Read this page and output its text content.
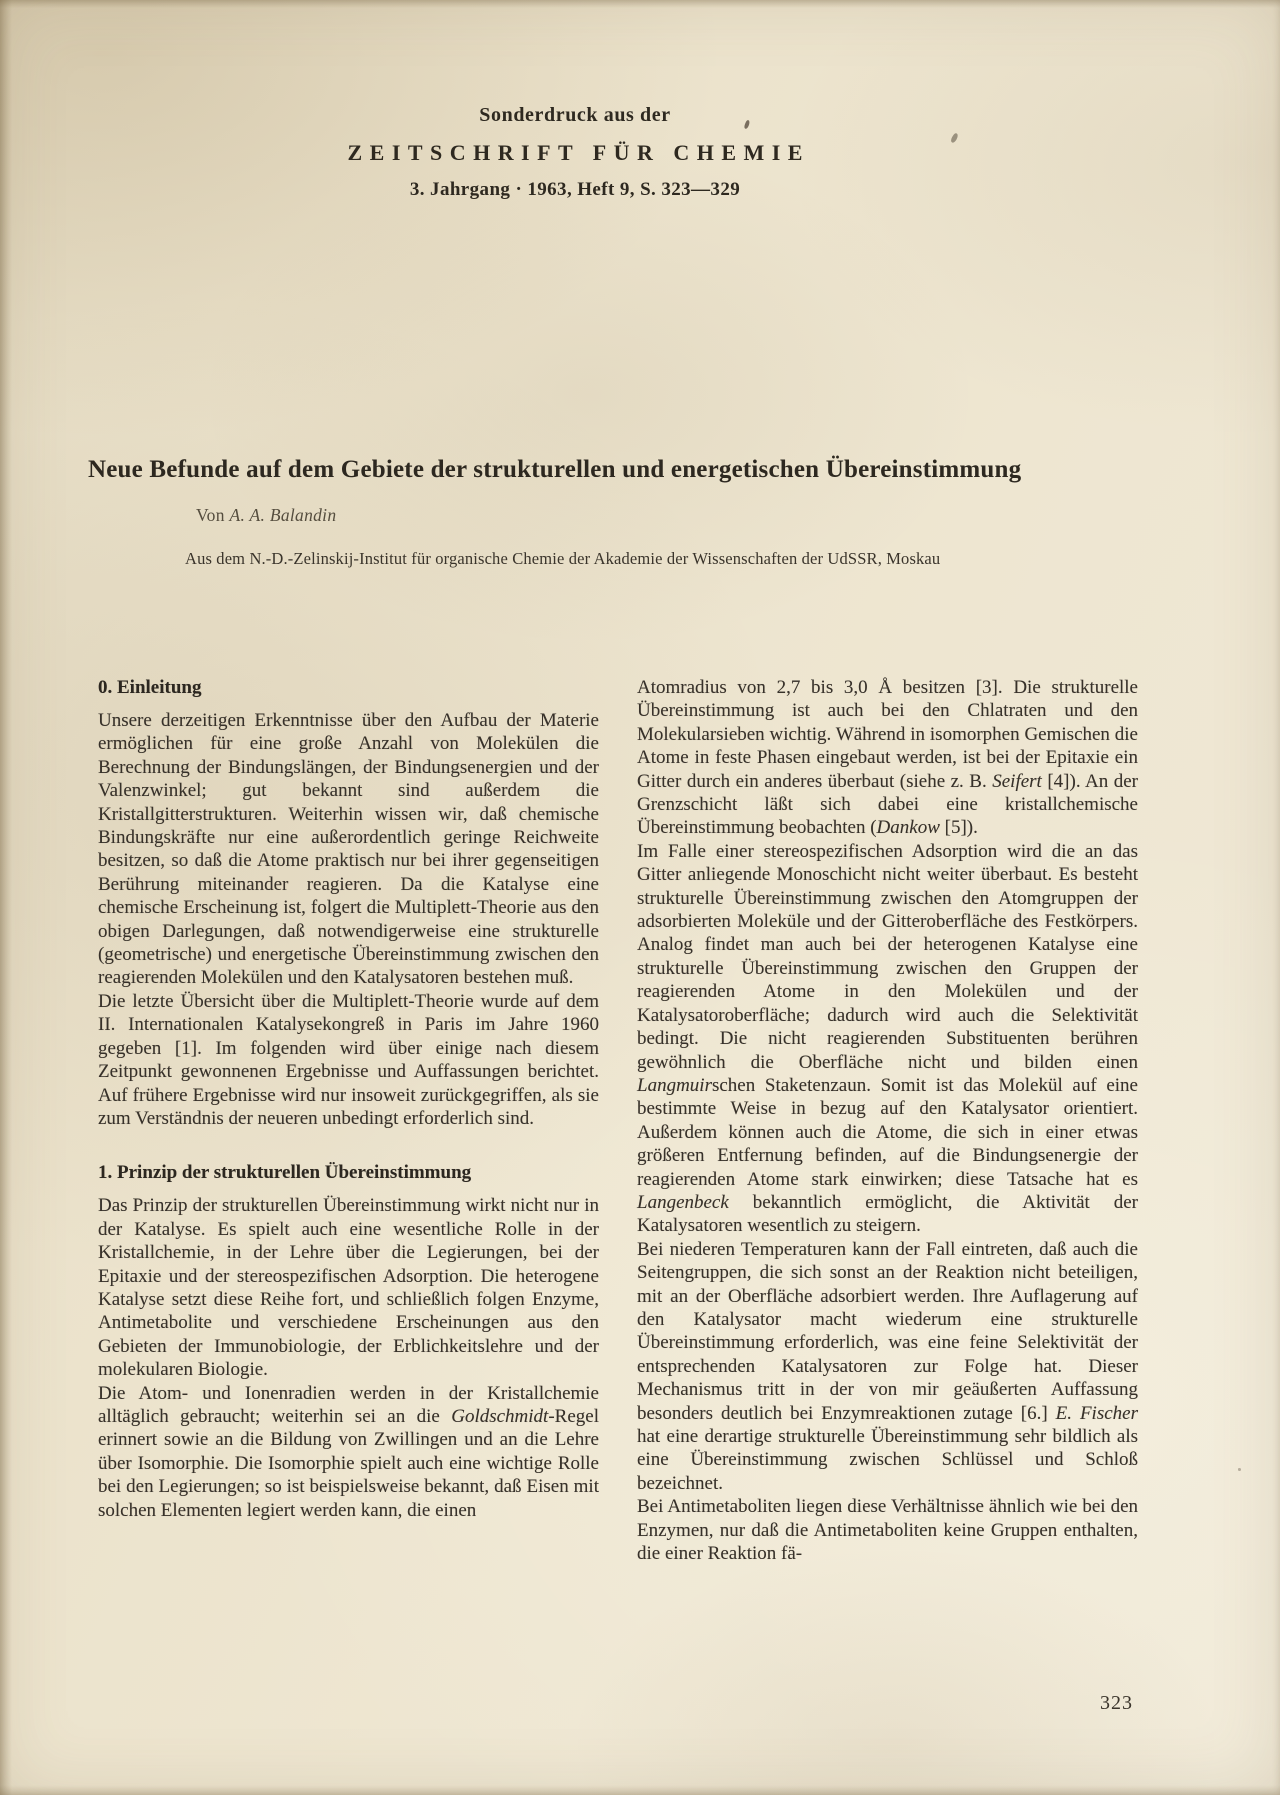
Sonderdruck aus der

ZEITSCHRIFT FÜR CHEMIE

3. Jahrgang · 1963, Heft 9, S. 323—329

Neue Befunde auf dem Gebiete der strukturellen und energetischen Übereinstimmung
Von A. A. Balandin
Aus dem N.-D.-Zelinskij-Institut für organische Chemie der Akademie der Wissenschaften der UdSSR, Moskau
0. Einleitung

Unsere derzeitigen Erkenntnisse über den Aufbau der Materie ermöglichen für eine große Anzahl von Molekülen die Berechnung der Bindungslängen, der Bindungsenergien und der Valenzwinkel; gut bekannt sind außerdem die Kristallgitterstrukturen. Weiterhin wissen wir, daß chemische Bindungskräfte nur eine außerordentlich geringe Reichweite besitzen, so daß die Atome praktisch nur bei ihrer gegenseitigen Berührung miteinander reagieren. Da die Katalyse eine chemische Erscheinung ist, folgert die Multiplett-Theorie aus den obigen Darlegungen, daß notwendigerweise eine strukturelle (geometrische) und energetische Übereinstimmung zwischen den reagierenden Molekülen und den Katalysatoren bestehen muß.

Die letzte Übersicht über die Multiplett-Theorie wurde auf dem II. Internationalen Katalysekongreß in Paris im Jahre 1960 gegeben [1]. Im folgenden wird über einige nach diesem Zeitpunkt gewonnenen Ergebnisse und Auffassungen berichtet. Auf frühere Ergebnisse wird nur insoweit zurückgegriffen, als sie zum Verständnis der neueren unbedingt erforderlich sind.

1. Prinzip der strukturellen Übereinstimmung

Das Prinzip der strukturellen Übereinstimmung wirkt nicht nur in der Katalyse. Es spielt auch eine wesentliche Rolle in der Kristallchemie, in der Lehre über die Legierungen, bei der Epitaxie und der stereospezifischen Adsorption. Die heterogene Katalyse setzt diese Reihe fort, und schließlich folgen Enzyme, Antimetabolite und verschiedene Erscheinungen aus den Gebieten der Immunobiologie, der Erblichkeitslehre und der molekularen Biologie.

Die Atom- und Ionenradien werden in der Kristallchemie alltäglich gebraucht; weiterhin sei an die Goldschmidt-Regel erinnert sowie an die Bildung von Zwillingen und an die Lehre über Isomorphie. Die Isomorphie spielt auch eine wichtige Rolle bei den Legierungen; so ist beispielsweise bekannt, daß Eisen mit solchen Elementen legiert werden kann, die einen

Atomradius von 2,7 bis 3,0 Å besitzen [3]. Die strukturelle Übereinstimmung ist auch bei den Chlatraten und den Molekularsieben wichtig. Während in isomorphen Gemischen die Atome in feste Phasen eingebaut werden, ist bei der Epitaxie ein Gitter durch ein anderes überbaut (siehe z. B. Seifert [4]). An der Grenzschicht läßt sich dabei eine kristallchemische Übereinstimmung beobachten (Dankow [5]).

Im Falle einer stereospezifischen Adsorption wird die an das Gitter anliegende Monoschicht nicht weiter überbaut. Es besteht strukturelle Übereinstimmung zwischen den Atomgruppen der adsorbierten Moleküle und der Gitteroberfläche des Festkörpers. Analog findet man auch bei der heterogenen Katalyse eine strukturelle Übereinstimmung zwischen den Gruppen der reagierenden Atome in den Molekülen und der Katalysatoroberfläche; dadurch wird auch die Selektivität bedingt. Die nicht reagierenden Substituenten berühren gewöhnlich die Oberfläche nicht und bilden einen Langmuirschen Staketenzaun. Somit ist das Molekül auf eine bestimmte Weise in bezug auf den Katalysator orientiert. Außerdem können auch die Atome, die sich in einer etwas größeren Entfernung befinden, auf die Bindungsenergie der reagierenden Atome stark einwirken; diese Tatsache hat es Langenbeck bekanntlich ermöglicht, die Aktivität der Katalysatoren wesentlich zu steigern.

Bei niederen Temperaturen kann der Fall eintreten, daß auch die Seitengruppen, die sich sonst an der Reaktion nicht beteiligen, mit an der Oberfläche adsorbiert werden. Ihre Auflagerung auf den Katalysator macht wiederum eine strukturelle Übereinstimmung erforderlich, was eine feine Selektivität der entsprechenden Katalysatoren zur Folge hat. Dieser Mechanismus tritt in der von mir geäußerten Auffassung besonders deutlich bei Enzymreaktionen zutage [6.] E. Fischer hat eine derartige strukturelle Übereinstimmung sehr bildlich als eine Übereinstimmung zwischen Schlüssel und Schloß bezeichnet.

Bei Antimetaboliten liegen diese Verhältnisse ähnlich wie bei den Enzymen, nur daß die Antimetaboliten keine Gruppen enthalten, die einer Reaktion fä-

323
